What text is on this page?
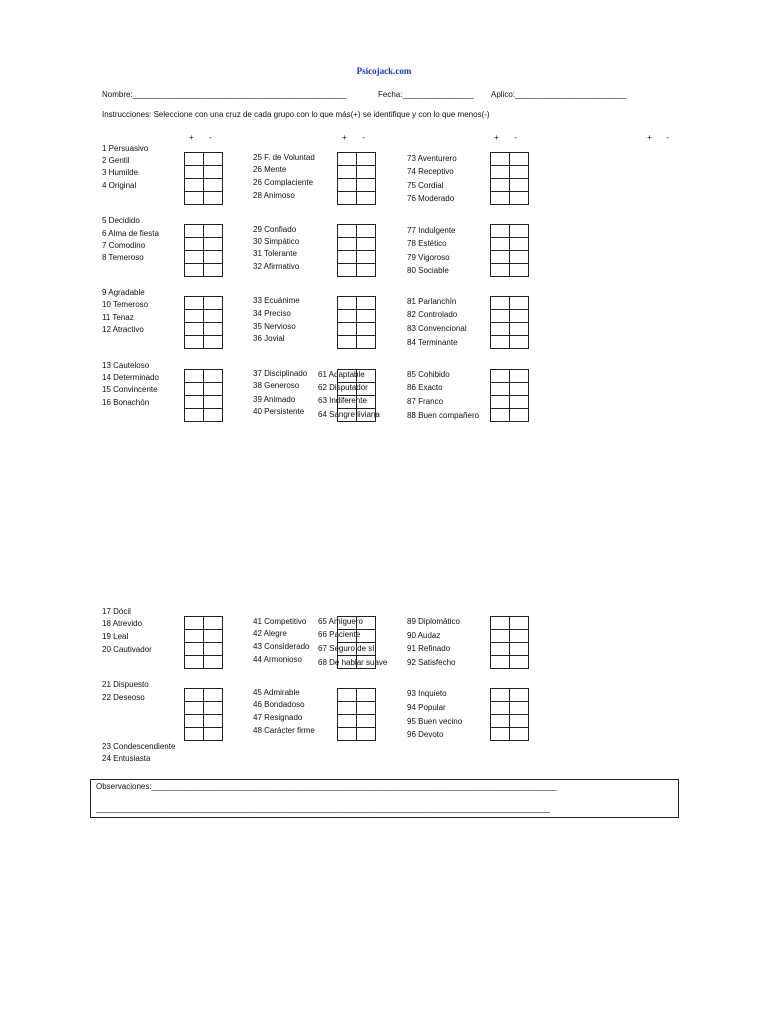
Psicojack.com
Nombre:________________________________________________	Fecha:________________ Aplico:_________________________
Instrucciones: Seleccione con una cruz de cada grupo con lo que más(+) se identifique y con lo que menos(-)
+ -	+ -	+ -	+ -
1 Persuasivo
2 Gentil
3 Humilde
4 Original
5 Decidido
6 Alma de fiesta
7 Comodino
8 Temeroso
9 Agradable
10 Temeroso
11 Tenaz
12 Atractivo
13 Cauteloso
14 Determinado
15 Convincente
16 Bonachón
17 Dócil
18 Atrevido
19 Leal
20 Cautivador
21 Dispuesto
22 Deseoso
23 Condescendiente
24 Entusiasta
25 F. de Voluntad
26 Mente
26 Complaciente
28 Animoso
29 Confiado
30 Simpático
31 Tolerante
32 Afirmativo
33 Ecuánime
34 Preciso
35 Nervioso
36 Jovial
37 Disciplinado
38 Generoso
39 Animado
40 Persistente
41 Competitivo
42 Alegre
43 Considerado
44 Armonioso
45 Admirable
46 Bondadoso
47 Resignado
48 Carácter firme
61 Adaptable
62 Disputador
63 Indiferente
64 Sangre liviana
65 Amiguero
66 Paciente
67 Seguro de sí
68 De hablar suave
73 Aventurero
74 Receptivo
75 Cordial
76 Moderado
77 Indulgente
78 Estético
79 Vigoroso
80 Sociable
81 Parlanchín
82 Controlado
83 Convencional
84 Terminante
85 Cohibido
86 Exacto
87 Franco
88 Buen compañero
89 Diplomático
90 Audaz
91 Refinado
92 Satisfecho
93 Inquieto
94 Popular
95 Buen vecino
96 Devoto
Observaciones:___________________________________________________________________________________________
______________________________________________________________________________________________________
